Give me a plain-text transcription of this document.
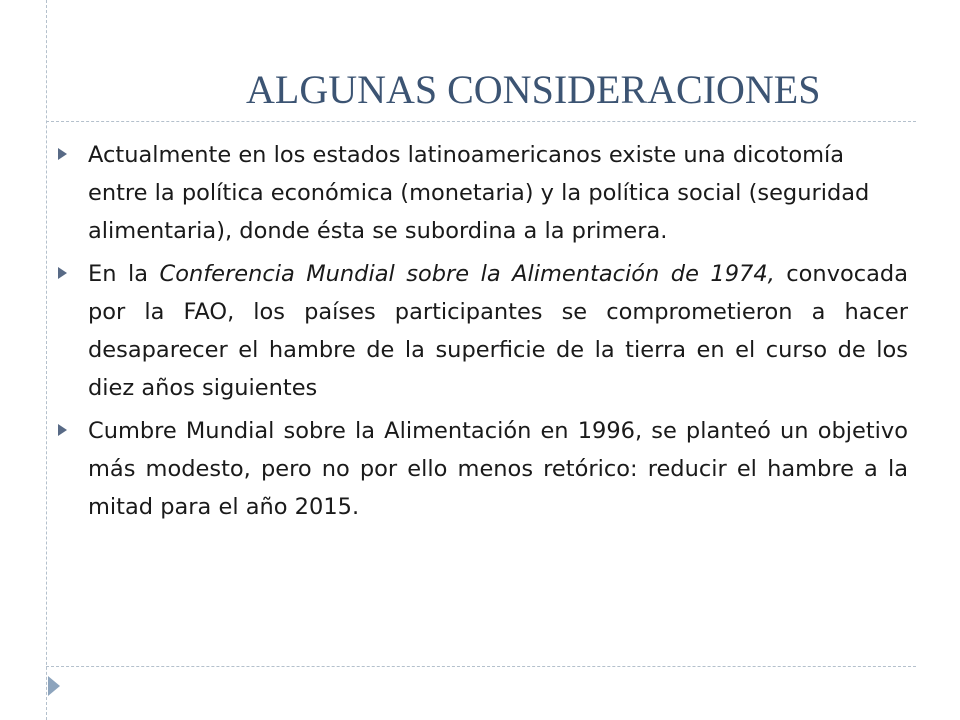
ALGUNAS CONSIDERACIONES
Actualmente en los estados latinoamericanos existe una dicotomía entre la política económica (monetaria) y la política social (seguridad alimentaria), donde ésta se subordina a la primera.
En la Conferencia Mundial sobre la Alimentación de 1974, convocada por la FAO, los países participantes se comprometieron a hacer desaparecer el hambre de la superficie de la tierra en el curso de los diez años siguientes
Cumbre Mundial sobre la Alimentación en 1996, se planteó un objetivo más modesto, pero no por ello menos retórico: reducir el hambre a la mitad para el año 2015.
